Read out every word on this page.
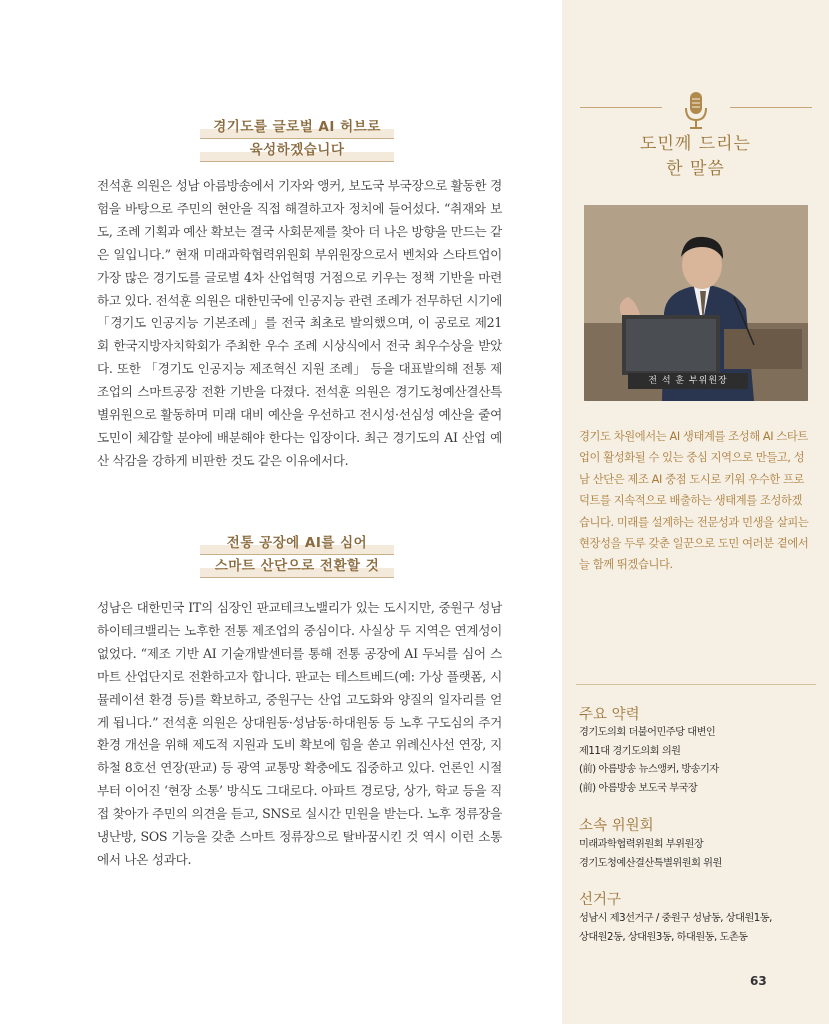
경기도를 글로벌 AI 허브로
육성하겠습니다

전석훈 의원은 성남 아름방송에서 기자와 앵커, 보도국 부국장으로 활동한 경험을 바탕으로 주민의 현안을 직접 해결하고자 정치에 들어섰다. “취재와 보도, 조례 기획과 예산 확보는 결국 사회문제를 찾아 더 나은 방향을 만드는 같은 일입니다.” 현재 미래과학협력위원회 부위원장으로서 벤처와 스타트업이 가장 많은 경기도를 글로벌 4차 산업혁명 거점으로 키우는 정책 기반을 마련하고 있다. 전석훈 의원은 대한민국에 인공지능 관련 조례가 전무하던 시기에 「경기도 인공지능 기본조례」를 전국 최초로 발의했으며, 이 공로로 제21회 한국지방자치학회가 주최한 우수 조례 시상식에서 전국 최우수상을 받았다. 또한 「경기도 인공지능 제조혁신 지원 조례」 등을 대표발의해 전통 제조업의 스마트공장 전환 기반을 다졌다. 전석훈 의원은 경기도청예산결산특별위원으로 활동하며 미래 대비 예산을 우선하고 전시성·선심성 예산을 줄여 도민이 체감할 분야에 배분해야 한다는 입장이다. 최근 경기도의 AI 산업 예산 삭감을 강하게 비판한 것도 같은 이유에서다.

전통 공장에 AI를 심어
스마트 산단으로 전환할 것

성남은 대한민국 IT의 심장인 판교테크노밸리가 있는 도시지만, 중원구 성남 하이테크밸리는 노후한 전통 제조업의 중심이다. 사실상 두 지역은 연계성이 없었다. “제조 기반 AI 기술개발센터를 통해 전통 공장에 AI 두뇌를 심어 스마트 산업단지로 전환하고자 합니다. 판교는 테스트베드(예: 가상 플랫폼, 시뮬레이션 환경 등)를 확보하고, 중원구는 산업 고도화와 양질의 일자리를 얻게 됩니다.” 전석훈 의원은 상대원동·성남동·하대원동 등 노후 구도심의 주거 환경 개선을 위해 제도적 지원과 도비 확보에 힘을 쏟고 위례신사선 연장, 지하철 8호선 연장(판교) 등 광역 교통망 확충에도 집중하고 있다. 언론인 시절부터 이어진 ‘현장 소통’ 방식도 그대로다. 아파트 경로당, 상가, 학교 등을 직접 찾아가 주민의 의견을 듣고, SNS로 실시간 민원을 받는다. 노후 정류장을 냉난방, SOS 기능을 갖춘 스마트 정류장으로 탈바꿈시킨 것 역시 이런 소통에서 나온 성과다.

도민께 드리는
한 말씀
전 석 훈 부위원장

경기도 차원에서는 AI 생태계를 조성해 AI 스타트업이 활성화될 수 있는 중심 지역으로 만들고, 성남 산단은 제조 AI 중점 도시로 키워 우수한 프로덕트를 지속적으로 배출하는 생태계를 조성하겠습니다. 미래를 설계하는 전문성과 민생을 살피는 현장성을 두루 갖춘 일꾼으로 도민 여러분 곁에서 늘 함께 뛰겠습니다.

주요 약력
경기도의회 더불어민주당 대변인
제11대 경기도의회 의원
(前) 아름방송 뉴스앵커, 방송기자
(前) 아름방송 보도국 부국장
소속 위원회
미래과학협력위원회 부위원장
경기도청예산결산특별위원회 위원
선거구
성남시 제3선거구 / 중원구 성남동, 상대원1동,
상대원2동, 상대원3동, 하대원동, 도촌동
63
